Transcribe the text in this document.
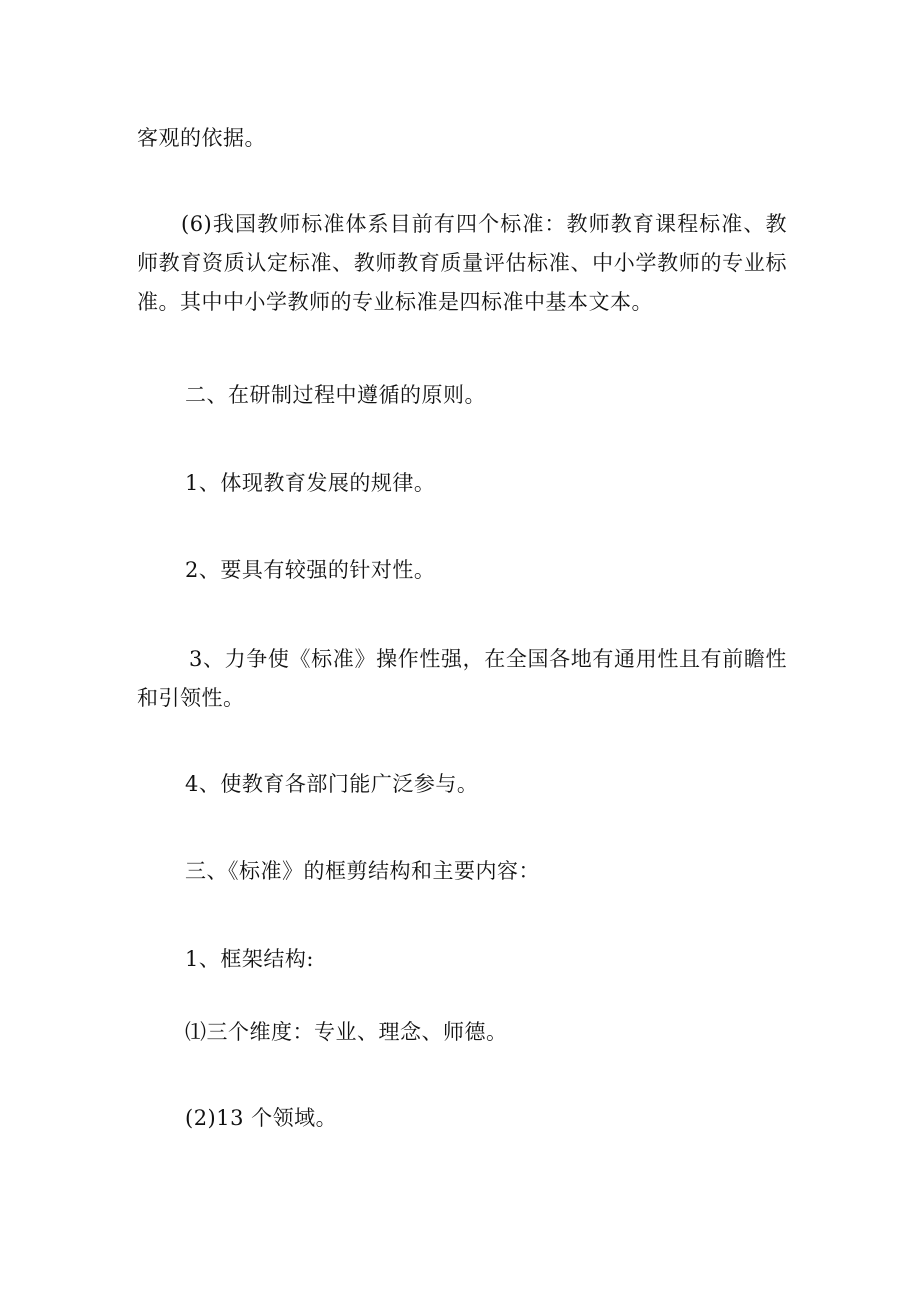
客观的依据。
(6)我国教师标准体系目前有四个标准：教师教育课程标准、教师教育资质认定标准、教师教育质量评估标准、中小学教师的专业标准。其中中小学教师的专业标准是四标准中基本文本。
二、在研制过程中遵循的原则。
1、体现教育发展的规律。
2、要具有较强的针对性。
3、力争使《标准》操作性强，在全国各地有通用性且有前瞻性和引领性。
4、使教育各部门能广泛参与。
三、《标准》的框剪结构和主要内容：
1、框架结构:
⑴三个维度：专业、理念、师德。
(2)13 个领域。
